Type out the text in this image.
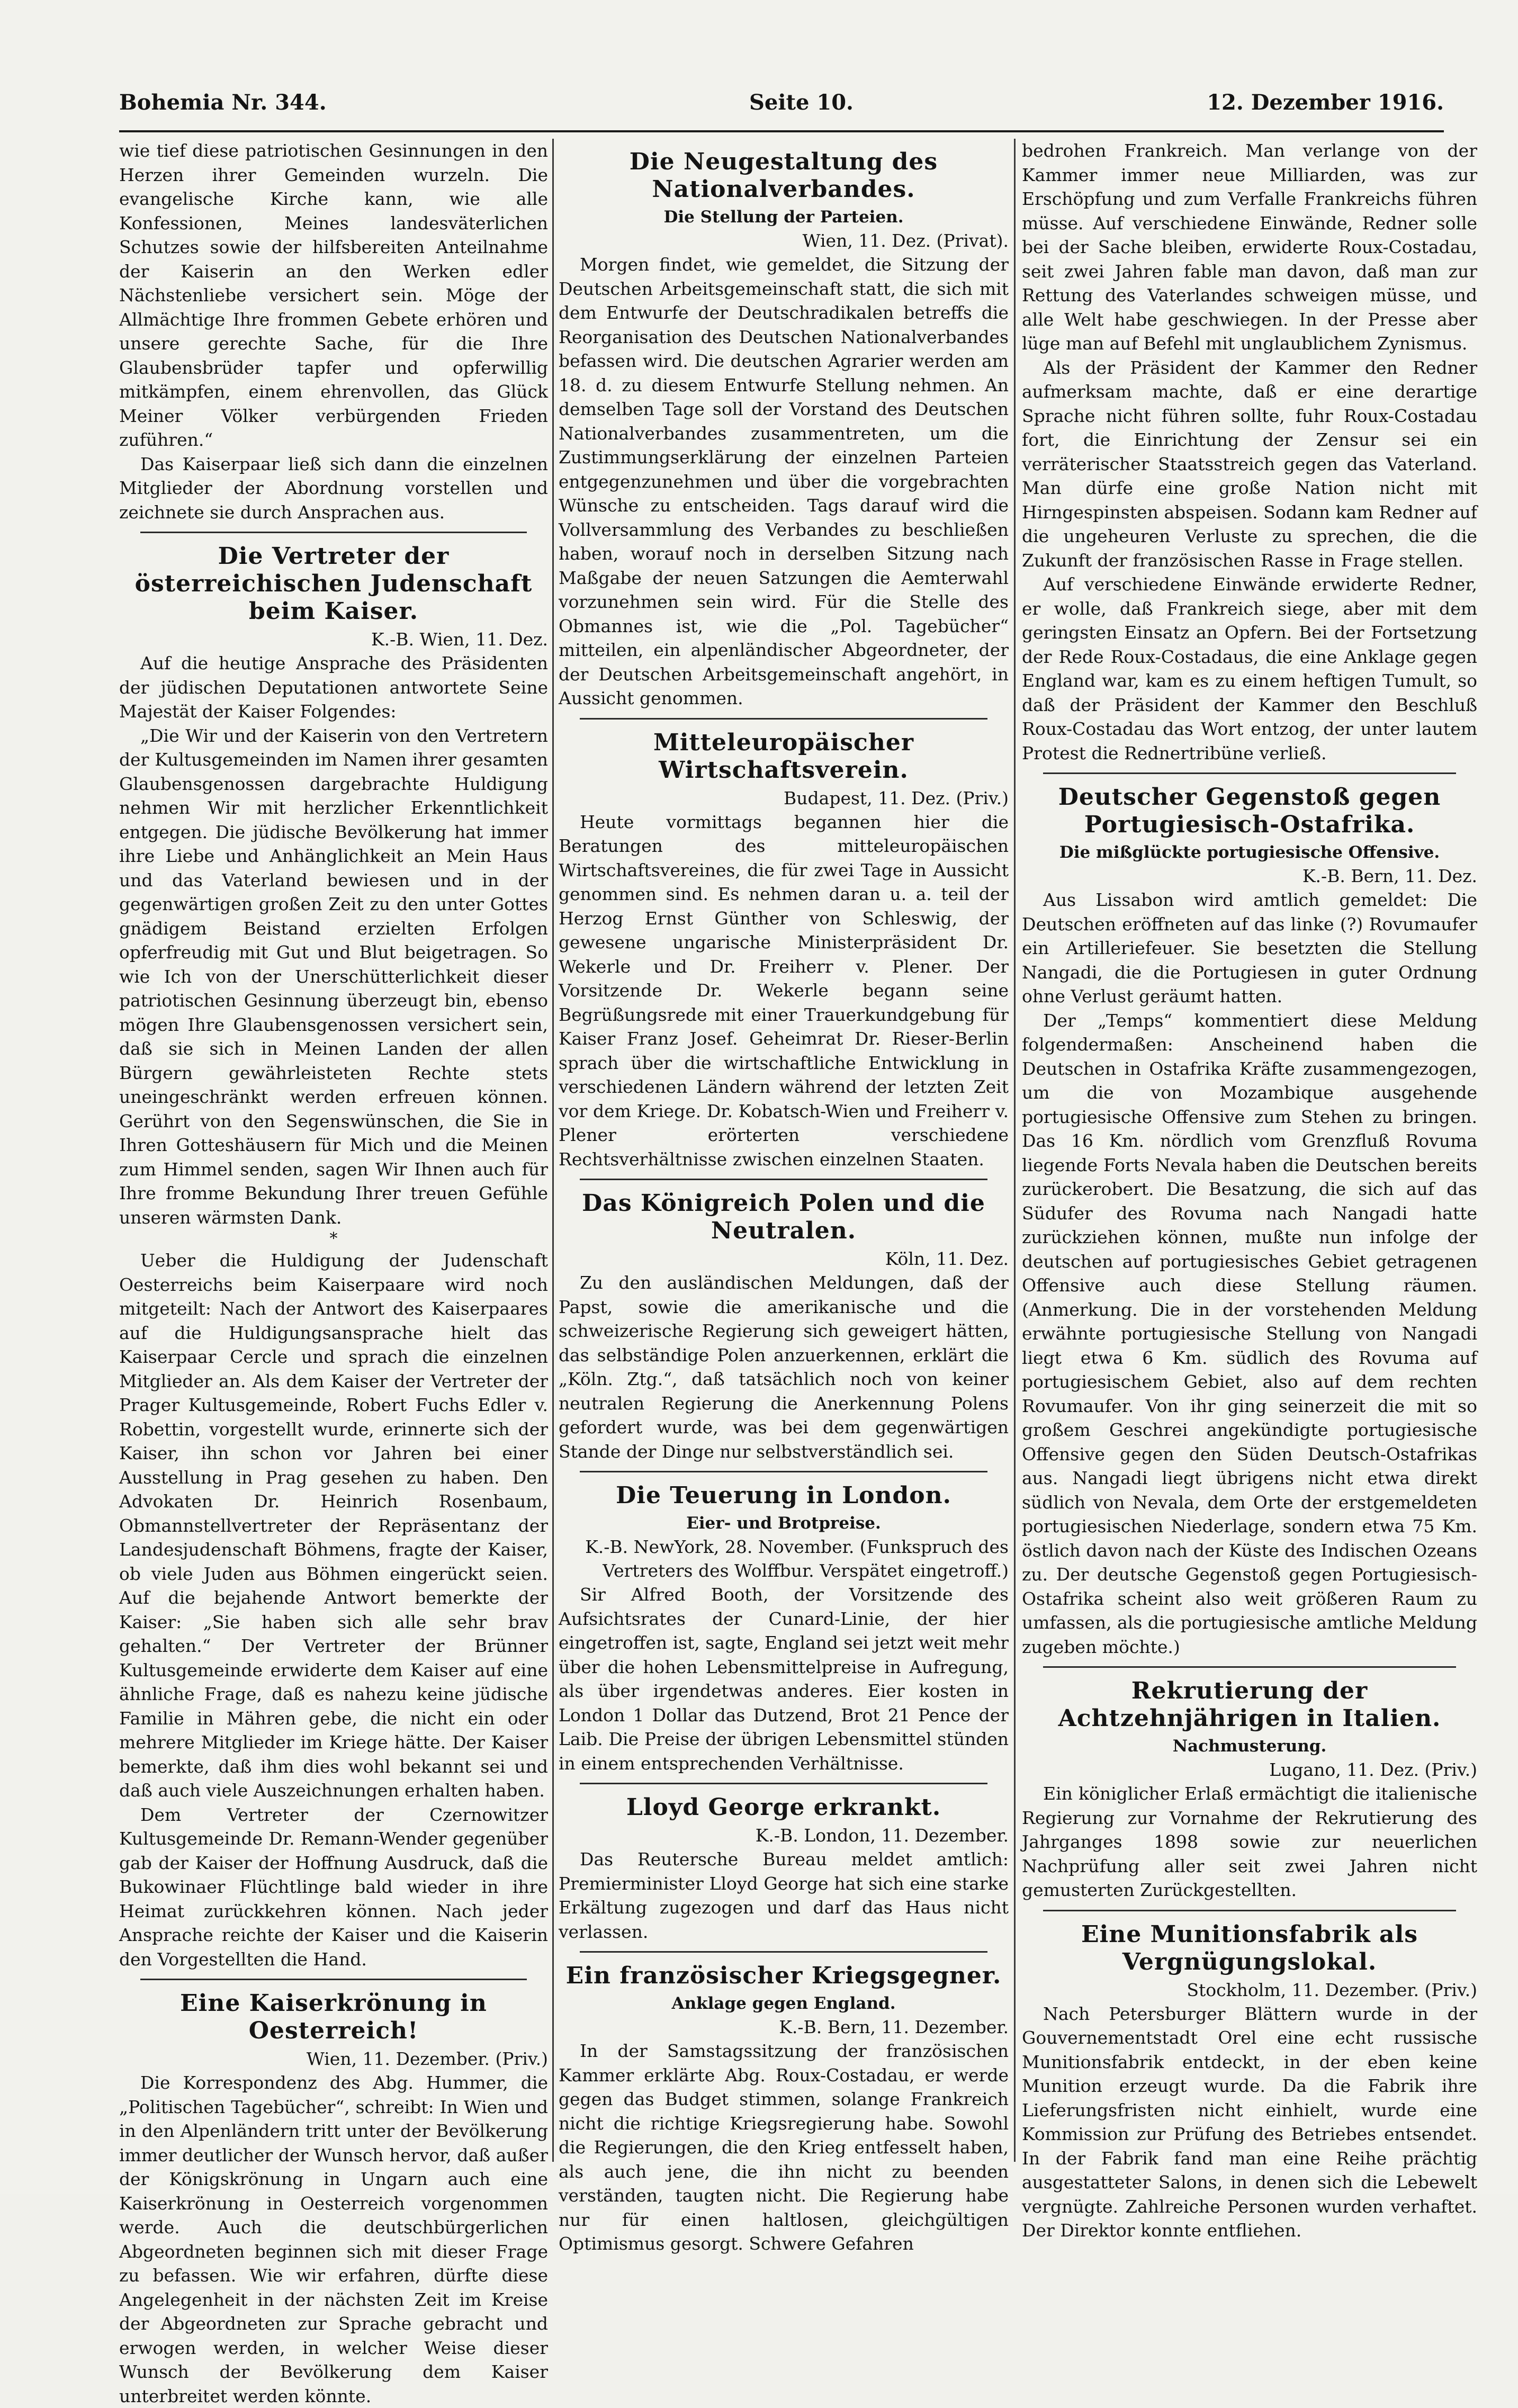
Bohemia Nr. 344.	Seite 10.	12. Dezember 1916.

wie tief diese patriotischen Gesinnungen in den Herzen ihrer Gemeinden wurzeln. Die evangelische Kirche kann, wie alle Konfessionen, Meines landesväterlichen Schutzes sowie der hilfsbereiten Anteilnahme der Kaiserin an den Werken edler Nächstenliebe versichert sein. Möge der Allmächtige Ihre frommen Gebete erhören und unsere gerechte Sache, für die Ihre Glaubensbrüder tapfer und opferwillig mitkämpfen, einem ehrenvollen, das Glück Meiner Völker verbürgenden Frieden zuführen.“

Das Kaiserpaar ließ sich dann die einzelnen Mitglieder der Abordnung vorstellen und zeichnete sie durch Ansprachen aus.

Die Vertreter der österreichischen Judenschaft beim Kaiser.
K.-B. Wien, 11. Dez.

Auf die heutige Ansprache des Präsidenten der jüdischen Deputationen antwortete Seine Majestät der Kaiser Folgendes:

„Die Wir und der Kaiserin von den Vertretern der Kultusgemeinden im Namen ihrer gesamten Glaubensgenossen dargebrachte Huldigung nehmen Wir mit herzlicher Erkenntlichkeit entgegen. Die jüdische Bevölkerung hat immer ihre Liebe und Anhänglichkeit an Mein Haus und das Vaterland bewiesen und in der gegenwärtigen großen Zeit zu den unter Gottes gnädigem Beistand erzielten Erfolgen opferfreudig mit Gut und Blut beigetragen. So wie Ich von der Unerschütterlichkeit dieser patriotischen Gesinnung überzeugt bin, ebenso mögen Ihre Glaubensgenossen versichert sein, daß sie sich in Meinen Landen der allen Bürgern gewährleisteten Rechte stets uneingeschränkt werden erfreuen können. Gerührt von den Segenswünschen, die Sie in Ihren Gotteshäusern für Mich und die Meinen zum Himmel senden, sagen Wir Ihnen auch für Ihre fromme Bekundung Ihrer treuen Gefühle unseren wärmsten Dank.

*

Ueber die Huldigung der Judenschaft Oesterreichs beim Kaiserpaare wird noch mitgeteilt: Nach der Antwort des Kaiserpaares auf die Huldigungsansprache hielt das Kaiserpaar Cercle und sprach die einzelnen Mitglieder an. Als dem Kaiser der Vertreter der Prager Kultusgemeinde, Robert Fuchs Edler v. Robettin, vorgestellt wurde, erinnerte sich der Kaiser, ihn schon vor Jahren bei einer Ausstellung in Prag gesehen zu haben. Den Advokaten Dr. Heinrich Rosenbaum, Obmannstellvertreter der Repräsentanz der Landesjudenschaft Böhmens, fragte der Kaiser, ob viele Juden aus Böhmen eingerückt seien. Auf die bejahende Antwort bemerkte der Kaiser: „Sie haben sich alle sehr brav gehalten.“ Der Vertreter der Brünner Kultusgemeinde erwiderte dem Kaiser auf eine ähnliche Frage, daß es nahezu keine jüdische Familie in Mähren gebe, die nicht ein oder mehrere Mitglieder im Kriege hätte. Der Kaiser bemerkte, daß ihm dies wohl bekannt sei und daß auch viele Auszeichnungen erhalten haben.

Dem Vertreter der Czernowitzer Kultusgemeinde Dr. Remann-Wender gegenüber gab der Kaiser der Hoffnung Ausdruck, daß die Bukowinaer Flüchtlinge bald wieder in ihre Heimat zurückkehren können. Nach jeder Ansprache reichte der Kaiser und die Kaiserin den Vorgestellten die Hand.

Eine Kaiserkrönung in Oesterreich!
Wien, 11. Dezember. (Priv.)

Die Korrespondenz des Abg. Hummer, die „Politischen Tagebücher“, schreibt: In Wien und in den Alpenländern tritt unter der Bevölkerung immer deutlicher der Wunsch hervor, daß außer der Königskrönung in Ungarn auch eine Kaiserkrönung in Oesterreich vorgenommen werde. Auch die deutschbürgerlichen Abgeordneten beginnen sich mit dieser Frage zu befassen. Wie wir erfahren, dürfte diese Angelegenheit in der nächsten Zeit im Kreise der Abgeordneten zur Sprache gebracht und erwogen werden, in welcher Weise dieser Wunsch der Bevölkerung dem Kaiser unterbreitet werden könnte.

Die Neugestaltung des Nationalverbandes.
Die Stellung der Parteien.
Wien, 11. Dez. (Privat).

Morgen findet, wie gemeldet, die Sitzung der Deutschen Arbeitsgemeinschaft statt, die sich mit dem Entwurfe der Deutschradikalen betreffs die Reorganisation des Deutschen Nationalverbandes befassen wird. Die deutschen Agrarier werden am 18. d. zu diesem Entwurfe Stellung nehmen. An demselben Tage soll der Vorstand des Deutschen Nationalverbandes zusammentreten, um die Zustimmungserklärung der einzelnen Parteien entgegenzunehmen und über die vorgebrachten Wünsche zu entscheiden. Tags darauf wird die Vollversammlung des Verbandes zu beschließen haben, worauf noch in derselben Sitzung nach Maßgabe der neuen Satzungen die Aemterwahl vorzunehmen sein wird. Für die Stelle des Obmannes ist, wie die „Pol. Tagebücher“ mitteilen, ein alpenländischer Abgeordneter, der der Deutschen Arbeitsgemeinschaft angehört, in Aussicht genommen.

Mitteleuropäischer Wirtschaftsverein.
Budapest, 11. Dez. (Priv.)

Heute vormittags begannen hier die Beratungen des mitteleuropäischen Wirtschaftsvereines, die für zwei Tage in Aussicht genommen sind. Es nehmen daran u. a. teil der Herzog Ernst Günther von Schleswig, der gewesene ungarische Ministerpräsident Dr. Wekerle und Dr. Freiherr v. Plener. Der Vorsitzende Dr. Wekerle begann seine Begrüßungsrede mit einer Trauerkundgebung für Kaiser Franz Josef. Geheimrat Dr. Rieser-Berlin sprach über die wirtschaftliche Entwicklung in verschiedenen Ländern während der letzten Zeit vor dem Kriege. Dr. Kobatsch-Wien und Freiherr v. Plener erörterten verschiedene Rechtsverhältnisse zwischen einzelnen Staaten.

Das Königreich Polen und die Neutralen.
Köln, 11. Dez.

Zu den ausländischen Meldungen, daß der Papst, sowie die amerikanische und die schweizerische Regierung sich geweigert hätten, das selbständige Polen anzuerkennen, erklärt die „Köln. Ztg.“, daß tatsächlich noch von keiner neutralen Regierung die Anerkennung Polens gefordert wurde, was bei dem gegenwärtigen Stande der Dinge nur selbstverständlich sei.

Die Teuerung in London.
Eier- und Brotpreise.
K.-B. NewYork, 28. November. (Funkspruch des Vertreters des Wolffbur. Verspätet eingetroff.)

Sir Alfred Booth, der Vorsitzende des Aufsichtsrates der Cunard-Linie, der hier eingetroffen ist, sagte, England sei jetzt weit mehr über die hohen Lebensmittelpreise in Aufregung, als über irgendetwas anderes. Eier kosten in London 1 Dollar das Dutzend, Brot 21 Pence der Laib. Die Preise der übrigen Lebensmittel stünden in einem entsprechenden Verhältnisse.

Lloyd George erkrankt.
K.-B. London, 11. Dezember.

Das Reutersche Bureau meldet amtlich: Premierminister Lloyd George hat sich eine starke Erkältung zugezogen und darf das Haus nicht verlassen.

Ein französischer Kriegsgegner.
Anklage gegen England.
K.-B. Bern, 11. Dezember.

In der Samstagssitzung der französischen Kammer erklärte Abg. Roux-Costadau, er werde gegen das Budget stimmen, solange Frankreich nicht die richtige Kriegsregierung habe. Sowohl die Regierungen, die den Krieg entfesselt haben, als auch jene, die ihn nicht zu beenden verständen, taugten nicht. Die Regierung habe nur für einen haltlosen, gleichgültigen Optimismus gesorgt. Schwere Gefahren

bedrohen Frankreich. Man verlange von der Kammer immer neue Milliarden, was zur Erschöpfung und zum Verfalle Frankreichs führen müsse. Auf verschiedene Einwände, Redner solle bei der Sache bleiben, erwiderte Roux-Costadau, seit zwei Jahren fable man davon, daß man zur Rettung des Vaterlandes schweigen müsse, und alle Welt habe geschwiegen. In der Presse aber lüge man auf Befehl mit unglaublichem Zynismus.

Als der Präsident der Kammer den Redner aufmerksam machte, daß er eine derartige Sprache nicht führen sollte, fuhr Roux-Costadau fort, die Einrichtung der Zensur sei ein verräterischer Staatsstreich gegen das Vaterland. Man dürfe eine große Nation nicht mit Hirngespinsten abspeisen. Sodann kam Redner auf die ungeheuren Verluste zu sprechen, die die Zukunft der französischen Rasse in Frage stellen.

Auf verschiedene Einwände erwiderte Redner, er wolle, daß Frankreich siege, aber mit dem geringsten Einsatz an Opfern. Bei der Fortsetzung der Rede Roux-Costadaus, die eine Anklage gegen England war, kam es zu einem heftigen Tumult, so daß der Präsident der Kammer den Beschluß Roux-Costadau das Wort entzog, der unter lautem Protest die Rednertribüne verließ.

Deutscher Gegenstoß gegen Portugiesisch-Ostafrika.
Die mißglückte portugiesische Offensive.
K.-B. Bern, 11. Dez.

Aus Lissabon wird amtlich gemeldet: Die Deutschen eröffneten auf das linke (?) Rovumaufer ein Artilleriefeuer. Sie besetzten die Stellung Nangadi, die die Portugiesen in guter Ordnung ohne Verlust geräumt hatten.

Der „Temps“ kommentiert diese Meldung folgendermaßen: Anscheinend haben die Deutschen in Ostafrika Kräfte zusammengezogen, um die von Mozambique ausgehende portugiesische Offensive zum Stehen zu bringen. Das 16 Km. nördlich vom Grenzfluß Rovuma liegende Forts Nevala haben die Deutschen bereits zurückerobert. Die Besatzung, die sich auf das Südufer des Rovuma nach Nangadi hatte zurückziehen können, mußte nun infolge der deutschen auf portugiesisches Gebiet getragenen Offensive auch diese Stellung räumen. (Anmerkung. Die in der vorstehenden Meldung erwähnte portugiesische Stellung von Nangadi liegt etwa 6 Km. südlich des Rovuma auf portugiesischem Gebiet, also auf dem rechten Rovumaufer. Von ihr ging seinerzeit die mit so großem Geschrei angekündigte portugiesische Offensive gegen den Süden Deutsch-Ostafrikas aus. Nangadi liegt übrigens nicht etwa direkt südlich von Nevala, dem Orte der erstgemeldeten portugiesischen Niederlage, sondern etwa 75 Km. östlich davon nach der Küste des Indischen Ozeans zu. Der deutsche Gegenstoß gegen Portugiesisch-Ostafrika scheint also weit größeren Raum zu umfassen, als die portugiesische amtliche Meldung zugeben möchte.)

Rekrutierung der Achtzehnjährigen in Italien.
Nachmusterung.
Lugano, 11. Dez. (Priv.)

Ein königlicher Erlaß ermächtigt die italienische Regierung zur Vornahme der Rekrutierung des Jahrganges 1898 sowie zur neuerlichen Nachprüfung aller seit zwei Jahren nicht gemusterten Zurückgestellten.

Eine Munitionsfabrik als Vergnügungslokal.
Stockholm, 11. Dezember. (Priv.)

Nach Petersburger Blättern wurde in der Gouvernementstadt Orel eine echt russische Munitionsfabrik entdeckt, in der eben keine Munition erzeugt wurde. Da die Fabrik ihre Lieferungsfristen nicht einhielt, wurde eine Kommission zur Prüfung des Betriebes entsendet. In der Fabrik fand man eine Reihe prächtig ausgestatteter Salons, in denen sich die Lebewelt vergnügte. Zahlreiche Personen wurden verhaftet. Der Direktor konnte entfliehen.
